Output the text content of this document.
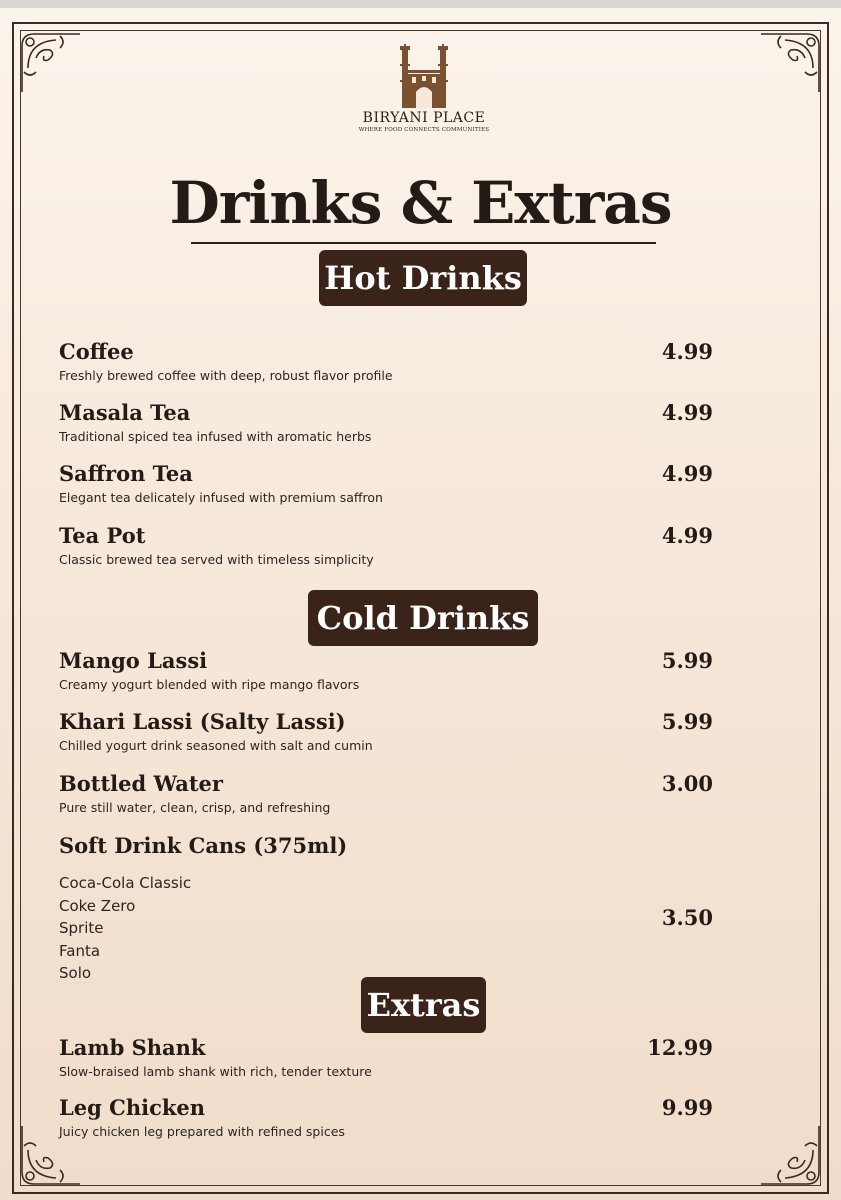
BIRYANI PLACE
WHERE FOOD CONNECTS COMMUNITIES
Drinks & Extras
Hot Drinks
Coffee
Freshly brewed coffee with deep, robust flavor profile
4.99
Masala Tea
Traditional spiced tea infused with aromatic herbs
4.99
Saffron Tea
Elegant tea delicately infused with premium saffron
4.99
Tea Pot
Classic brewed tea served with timeless simplicity
4.99
Cold Drinks
Mango Lassi
Creamy yogurt blended with ripe mango flavors
5.99
Khari Lassi (Salty Lassi)
Chilled yogurt drink seasoned with salt and cumin
5.99
Bottled Water
Pure still water, clean, crisp, and refreshing
3.00
Soft Drink Cans (375ml)
Coca-Cola Classic
Coke Zero
Sprite
Fanta
Solo
3.50
Extras
Lamb Shank
Slow-braised lamb shank with rich, tender texture
12.99
Leg Chicken
Juicy chicken leg prepared with refined spices
9.99
